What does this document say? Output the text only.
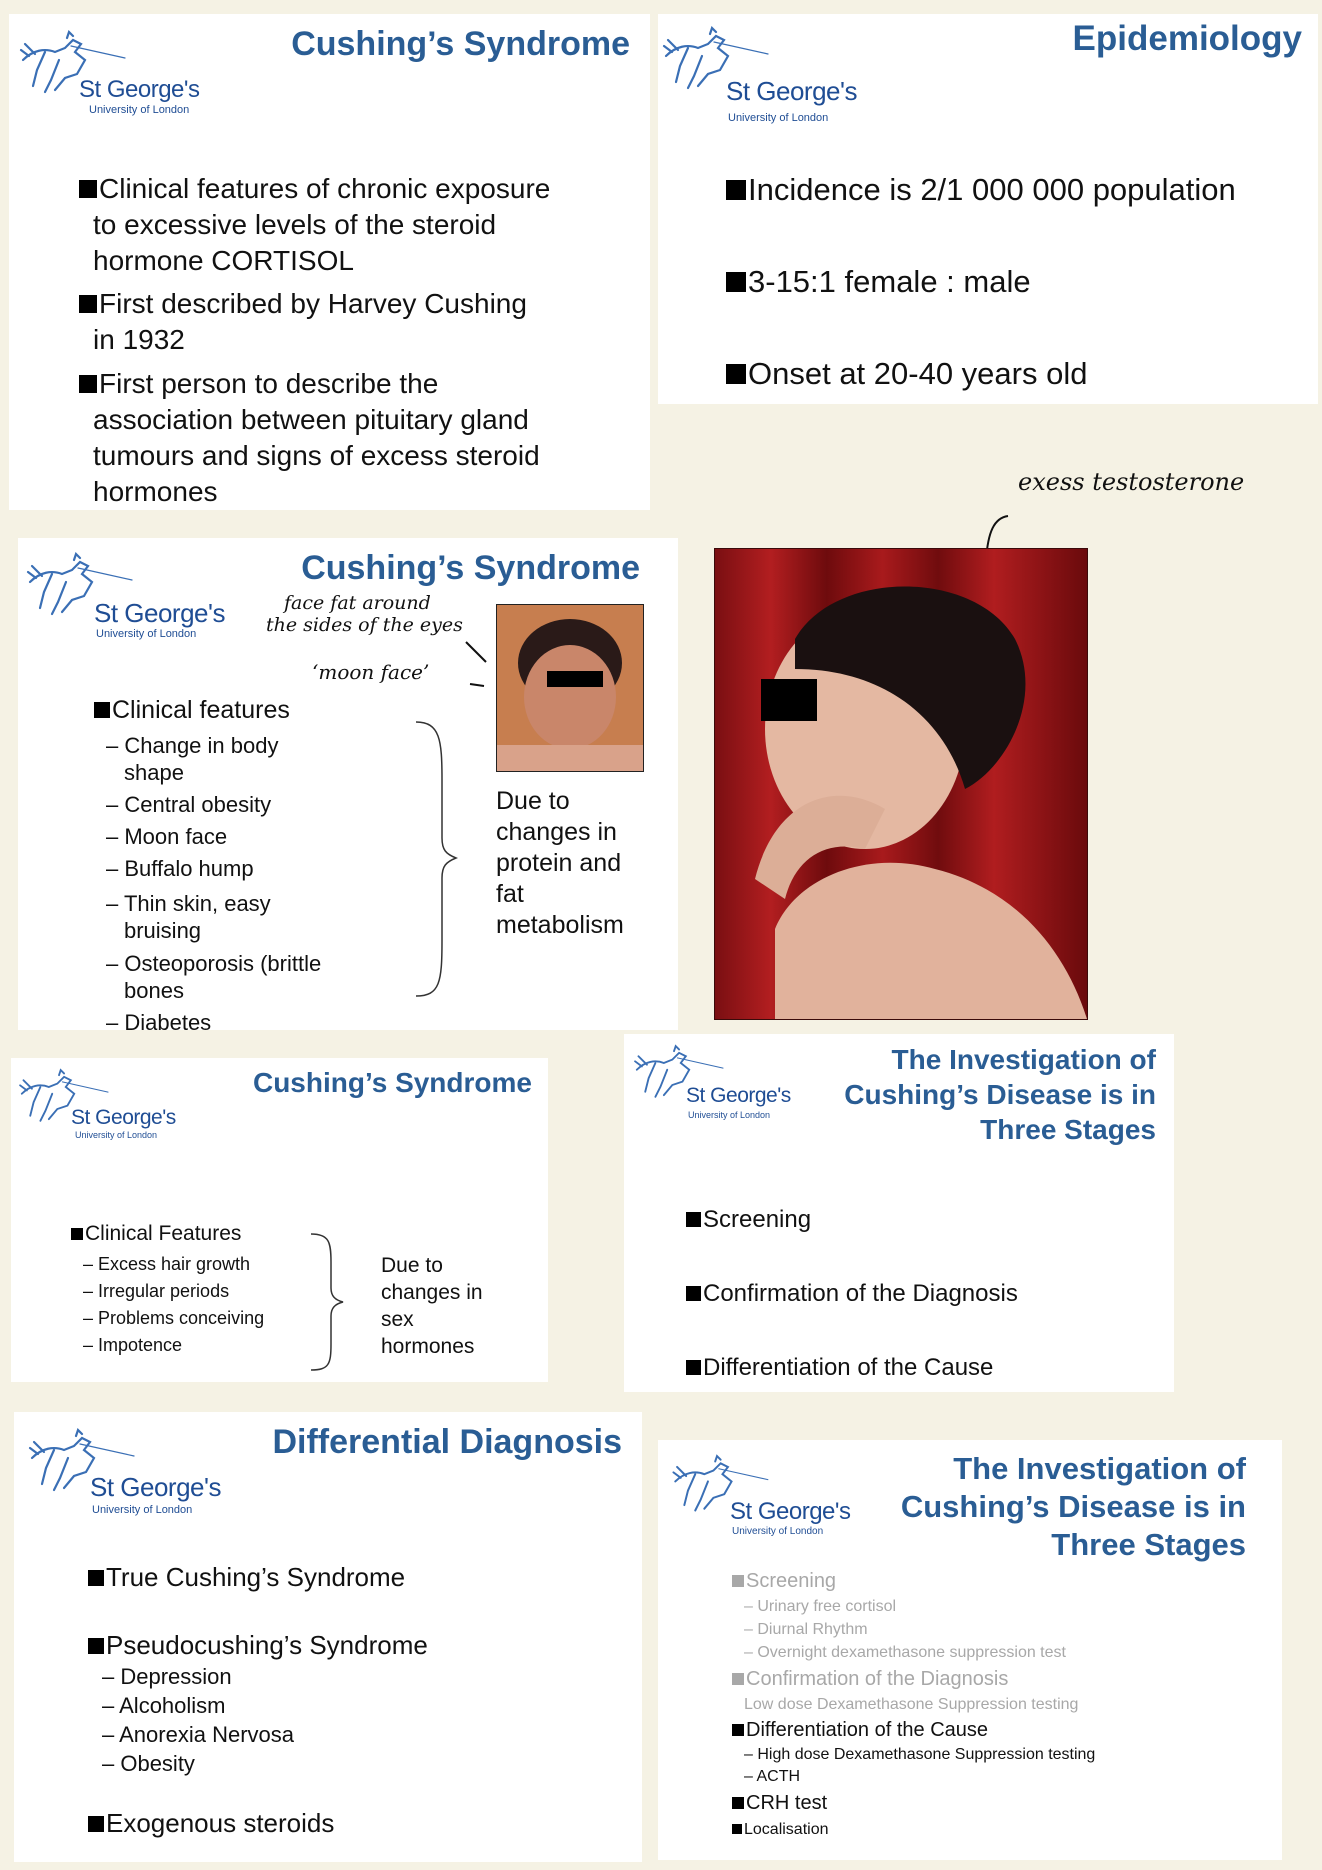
St George's
University of London
Cushing’s Syndrome
Clinical features of chronic exposure
to excessive levels of the steroid
hormone CORTISOL
First described by Harvey Cushing
in 1932
First person to describe the
association between pituitary gland
tumours and signs of excess steroid
hormones
St George's
University of London
Epidemiology
Incidence is 2/1 000 000 population
3-15:1 female : male
Onset at 20-40 years old
exess testosterone
St George's
University of London
Cushing’s Syndrome
Clinical features
– Change in body
shape
– Central obesity
– Moon face
– Buffalo hump
– Thin skin, easy
bruising
– Osteoporosis (brittle
bones
– Diabetes
Due to
changes in
protein and
fat
metabolism
face fat around
the sides of the eyes
‘moon face’
St George's
University of London
Cushing’s Syndrome
Clinical Features
– Excess hair growth
– Irregular periods
– Problems conceiving
– Impotence
Due to
changes in
sex
hormones
St George's
University of London
The Investigation of
Cushing’s Disease is in
Three Stages
Screening
Confirmation of the Diagnosis
Differentiation of the Cause
St George's
University of London
Differential Diagnosis
True Cushing’s Syndrome
Pseudocushing’s Syndrome
– Depression
– Alcoholism
– Anorexia Nervosa
– Obesity
Exogenous steroids
St George's
University of London
The Investigation of
Cushing’s Disease is in
Three Stages
Screening
– Urinary free cortisol
– Diurnal Rhythm
– Overnight dexamethasone suppression test
Confirmation of the Diagnosis
Low dose Dexamethasone Suppression testing
Differentiation of the Cause
– High dose Dexamethasone Suppression testing
– ACTH
CRH test
Localisation
